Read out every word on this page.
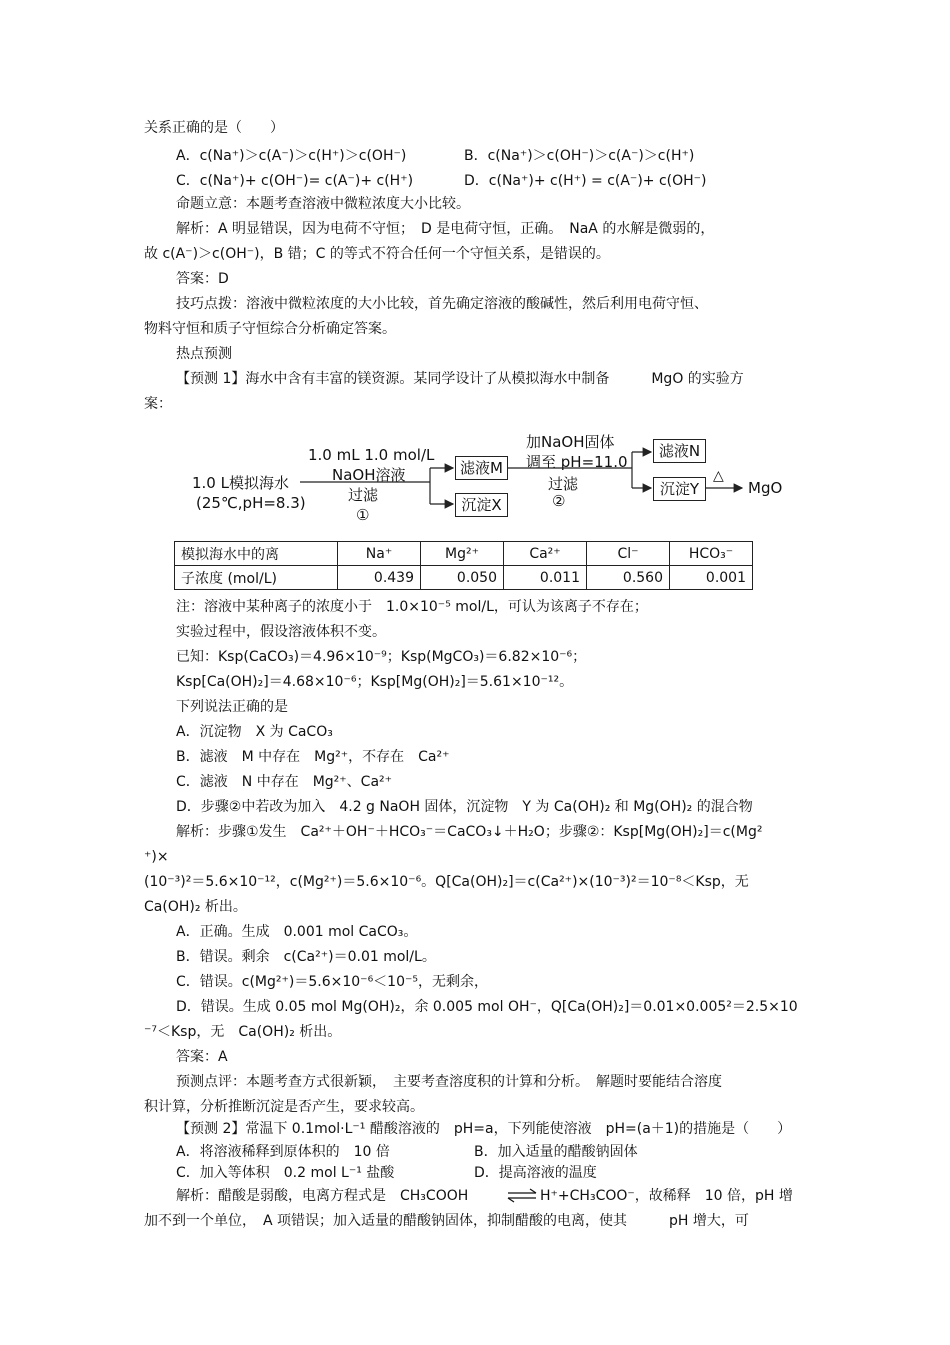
关系正确的是（　　）
A．c(Na⁺)＞c(A⁻)＞c(H⁺)＞c(OH⁻)	B．c(Na⁺)＞c(OH⁻)＞c(A⁻)＞c(H⁺)
C．c(Na⁺)+ c(OH⁻)= c(A⁻)+ c(H⁺)	D．c(Na⁺)+ c(H⁺) = c(A⁻)+ c(OH⁻)
命题立意：本题考查溶液中微粒浓度大小比较。
解析：A 明显错误，因为电荷不守恒；　D 是电荷守恒，正确。　NaA 的水解是微弱的，
故 c(A⁻)＞c(OH⁻)，B 错；C 的等式不符合任何一个守恒关系，是错误的。
答案：D
技巧点拨：溶液中微粒浓度的大小比较，首先确定溶液的酸碱性，然后利用电荷守恒、
物料守恒和质子守恒综合分析确定答案。
热点预测
【预测 1】海水中含有丰富的镁资源。某同学设计了从模拟海水中制备　　　MgO 的实验方
案：
1.0 L模拟海水
(25℃,pH=8.3)
1.0 mL 1.0 mol/L
NaOH溶液
过滤
①
滤液M
沉淀X
加NaOH固体
调至 pH=11.0
过滤
②
滤液N
沉淀Y
△
MgO
模拟海水中的离	Na⁺	Mg²⁺	Ca²⁺	Cl⁻	HCO₃⁻
子浓度 (mol/L)	0.439	0.050	0.011	0.560	0.001
注：溶液中某种离子的浓度小于　1.0×10⁻⁵ mol/L，可认为该离子不存在；
实验过程中，假设溶液体积不变。
已知：Ksp(CaCO₃)＝4.96×10⁻⁹；Ksp(MgCO₃)＝6.82×10⁻⁶；
Ksp[Ca(OH)₂]＝4.68×10⁻⁶；Ksp[Mg(OH)₂]＝5.61×10⁻¹²。
下列说法正确的是
A．沉淀物　X 为 CaCO₃
B．滤液　M 中存在　Mg²⁺，不存在　Ca²⁺
C．滤液　N 中存在　Mg²⁺、Ca²⁺
D．步骤②中若改为加入　4.2 g NaOH 固体，沉淀物　Y 为 Ca(OH)₂ 和 Mg(OH)₂ 的混合物
解析：步骤①发生　Ca²⁺＋OH⁻＋HCO₃⁻＝CaCO₃↓＋H₂O；步骤②：Ksp[Mg(OH)₂]＝c(Mg²
⁺)×
(10⁻³)²＝5.6×10⁻¹²，c(Mg²⁺)＝5.6×10⁻⁶。Q[Ca(OH)₂]＝c(Ca²⁺)×(10⁻³)²＝10⁻⁸＜Ksp，无
Ca(OH)₂ 析出。
A．正确。生成　0.001 mol CaCO₃。
B．错误。剩余　c(Ca²⁺)＝0.01 mol/L。
C．错误。c(Mg²⁺)＝5.6×10⁻⁶＜10⁻⁵，无剩余，
D．错误。生成 0.05 mol Mg(OH)₂，余 0.005 mol OH⁻，Q[Ca(OH)₂]＝0.01×0.005²＝2.5×10
⁻⁷＜Ksp，无　Ca(OH)₂ 析出。
答案：A
预测点评：本题考查方式很新颖，　主要考查溶度积的计算和分析。　解题时要能结合溶度
积计算，分析推断沉淀是否产生，要求较高。
【预测 2】常温下 0.1mol·L⁻¹ 醋酸溶液的　pH=a，下列能使溶液　pH=(a＋1)的措施是（　　）
A．将溶液稀释到原体积的　10 倍	B．加入适量的醋酸钠固体
C．加入等体积　0.2 mol L⁻¹ 盐酸	D．提高溶液的温度
解析：醋酸是弱酸，电离方程式是　CH₃COOH ⇌ H⁺+CH₃COO⁻，故稀释　10 倍，pH 增
加不到一个单位，　A 项错误；加入适量的醋酸钠固体，抑制醋酸的电离，使其　　　pH 增大，可
